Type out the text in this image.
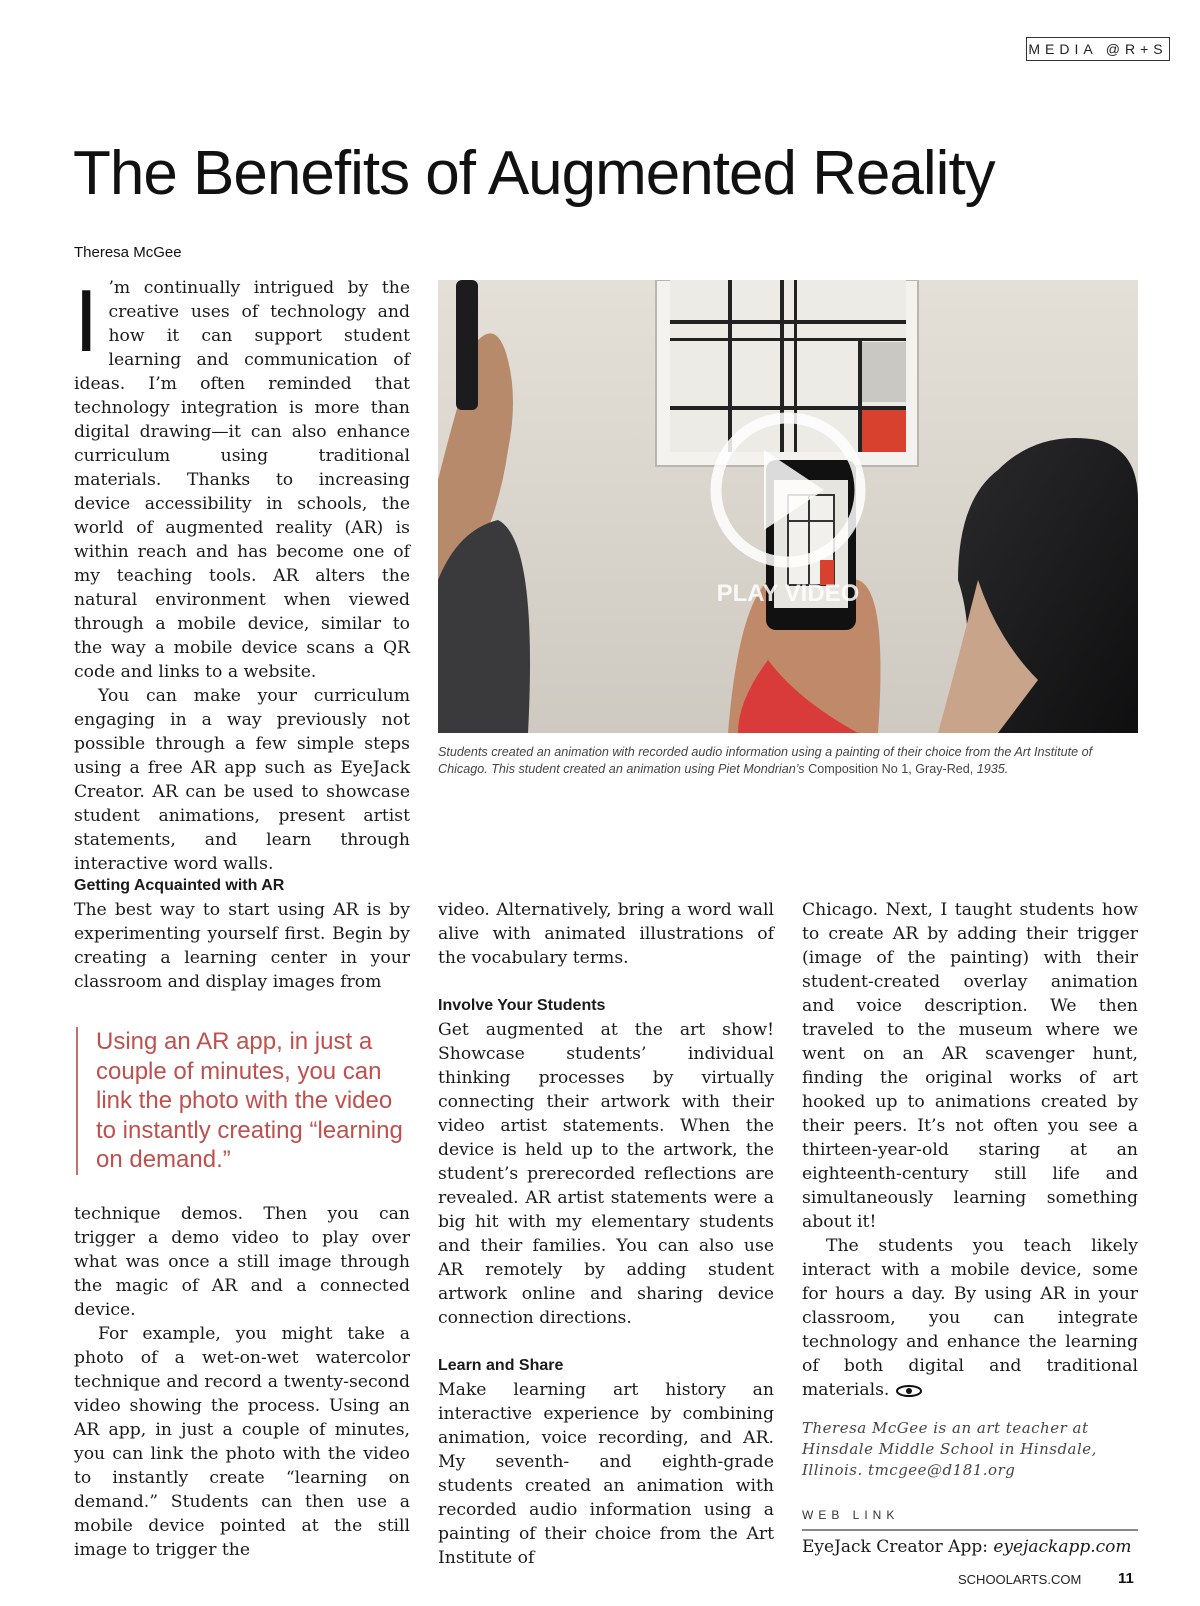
MEDIA @R+S
The Benefits of Augmented Reality
Theresa McGee

I ’m continually intrigued by the creative uses of technology and how it can support student learning and communication of ideas. I’m often reminded that technology integration is more than digital drawing—it can also enhance curriculum using traditional materials. Thanks to increasing device accessibility in schools, the world of augmented reality (AR) is within reach and has become one of my teaching tools. AR alters the natural environment when viewed through a mobile device, similar to the way a mobile device scans a QR code and links to a website.

You can make your curriculum engaging in a way previously not possible through a few simple steps using a free AR app such as EyeJack Creator. AR can be used to showcase student animations, present artist statements, and learn through interactive word walls.

PLAY VIDEO
Students created an animation with recorded audio information using a painting of their choice from the Art Institute of Chicago. This student created an animation using Piet Mondrian’s Composition No 1, Gray-Red, 1935.
Getting Acquainted with AR

The best way to start using AR is by experimenting yourself first. Begin by creating a learning center in your classroom and display images from

Using an AR app, in just a couple of minutes, you can link the photo with the video to instantly creating “learning on demand.”

technique demos. Then you can trigger a demo video to play over what was once a still image through the magic of AR and a connected device.

For example, you might take a photo of a wet-on-wet watercolor technique and record a twenty-second video showing the process. Using an AR app, in just a couple of minutes, you can link the photo with the video to instantly create “learning on demand.” Students can then use a mobile device pointed at the still image to trigger the

video. Alternatively, bring a word wall alive with animated illustrations of the vocabulary terms.

Involve Your Students

Get augmented at the art show! Showcase students’ individual thinking processes by virtually connecting their artwork with their video artist statements. When the device is held up to the artwork, the student’s prerecorded reflections are revealed. AR artist statements were a big hit with my elementary students and their families. You can also use AR remotely by adding student artwork online and sharing device connection directions.

Learn and Share

Make learning art history an interactive experience by combining animation, voice recording, and AR. My seventh- and eighth-grade students created an animation with recorded audio information using a painting of their choice from the Art Institute of

Chicago. Next, I taught students how to create AR by adding their trigger (image of the painting) with their student-created overlay animation and voice description. We then traveled to the museum where we went on an AR scavenger hunt, finding the original works of art hooked up to animations created by their peers. It’s not often you see a thirteen-year-old staring at an eighteenth-century still life and simultaneously learning something about it!

The students you teach likely interact with a mobile device, some for hours a day. By using AR in your classroom, you can integrate technology and enhance the learning of both digital and traditional materials.

Theresa McGee is an art teacher at Hinsdale Middle School in Hinsdale, Illinois. tmcgee@d181.org

WEB LINK

EyeJack Creator App: eyejackapp.com

SCHOOLARTS.COM 11
